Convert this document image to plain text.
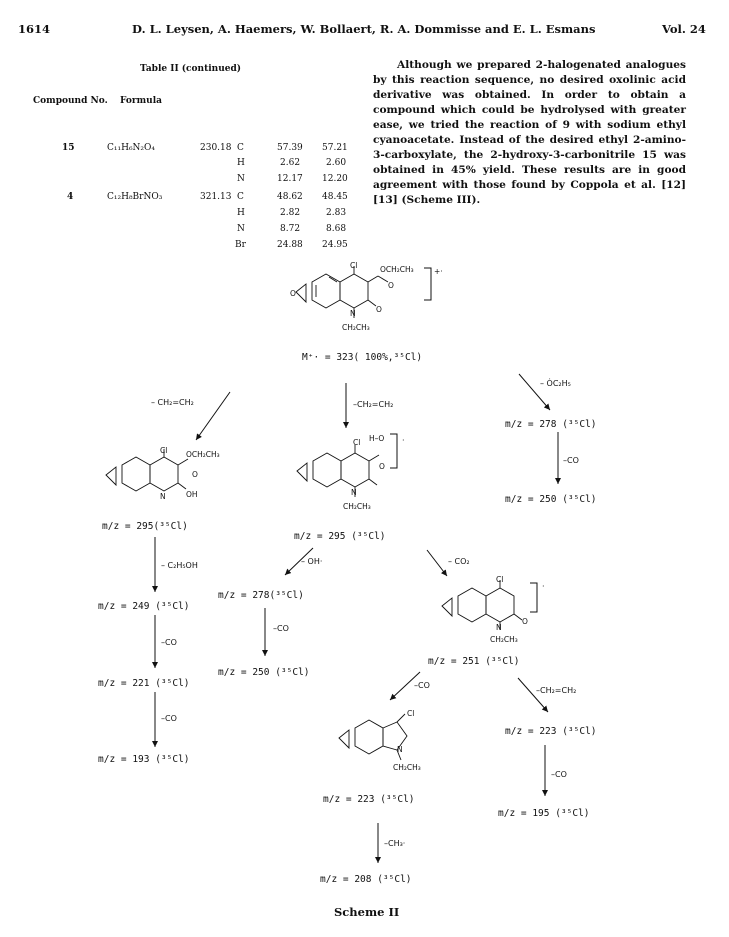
1614	D. L. Leysen, A. Haemers, W. Bollaert, R. A. Dommisse and E. L. Esmans	Vol. 24
Table II (continued)
Compound No. Formula
15	C₁₁H₆N₂O₄	230.18 C	57.39 57.21
H	2.62	2.60
N	12.17 12.20
4	C₁₂H₈BrNO₃	321.13 C	48.62 48.45
H	2.82	2.83
N	8.72	8.68
Br	24.88 24.95

Although we prepared 2-halogenated analogues by this reaction sequence, no desired oxolinic acid derivative was obtained. In order to obtain a compound which could be hydrolysed with greater ease, we tried the reaction of 9 with sodium ethyl cyanoacetate. Instead of the desired ethyl 2-amino-3-carboxylate, the 2-hydroxy-3-carbonitrile 15 was obtained in 45% yield. These results are in good agreement with those found by Coppola et al. [12] [13] (Scheme III).

Cl	OCH₂CH₃
O
O
N
CH₂CH₃
O
+·
Cl OCH₂CH₃
O
N	OH
Cl H–O
O
N
CH₂CH₃
·
Cl
O
N
CH₂CH₃
·
Cl
N
CH₂CH₃
M⁺· = 323( 100%,³⁵Cl)
m/z = 295(³⁵Cl)
m/z = 295 (³⁵Cl)
m/z = 278 (³⁵Cl)
m/z = 250 (³⁵Cl)
m/z = 249 (³⁵Cl)
m/z = 278(³⁵Cl)
m/z = 251 (³⁵Cl)
m/z = 221 (³⁵Cl)
m/z = 250 (³⁵Cl)
m/z = 223 (³⁵Cl)
m/z = 193 (³⁵Cl)
m/z = 223 (³⁵Cl)
m/z = 195 (³⁵Cl)
m/z = 208 (³⁵Cl)
– CH₂=CH₂	–CH₂=CH₂
– ȮC₂H₅
–CO
– C₂H₅OH	– OH·	– CO₂
–CO
–CO
–CO
–CH₂=CH₂
–CO
–CO
–CH₃·
Scheme II
